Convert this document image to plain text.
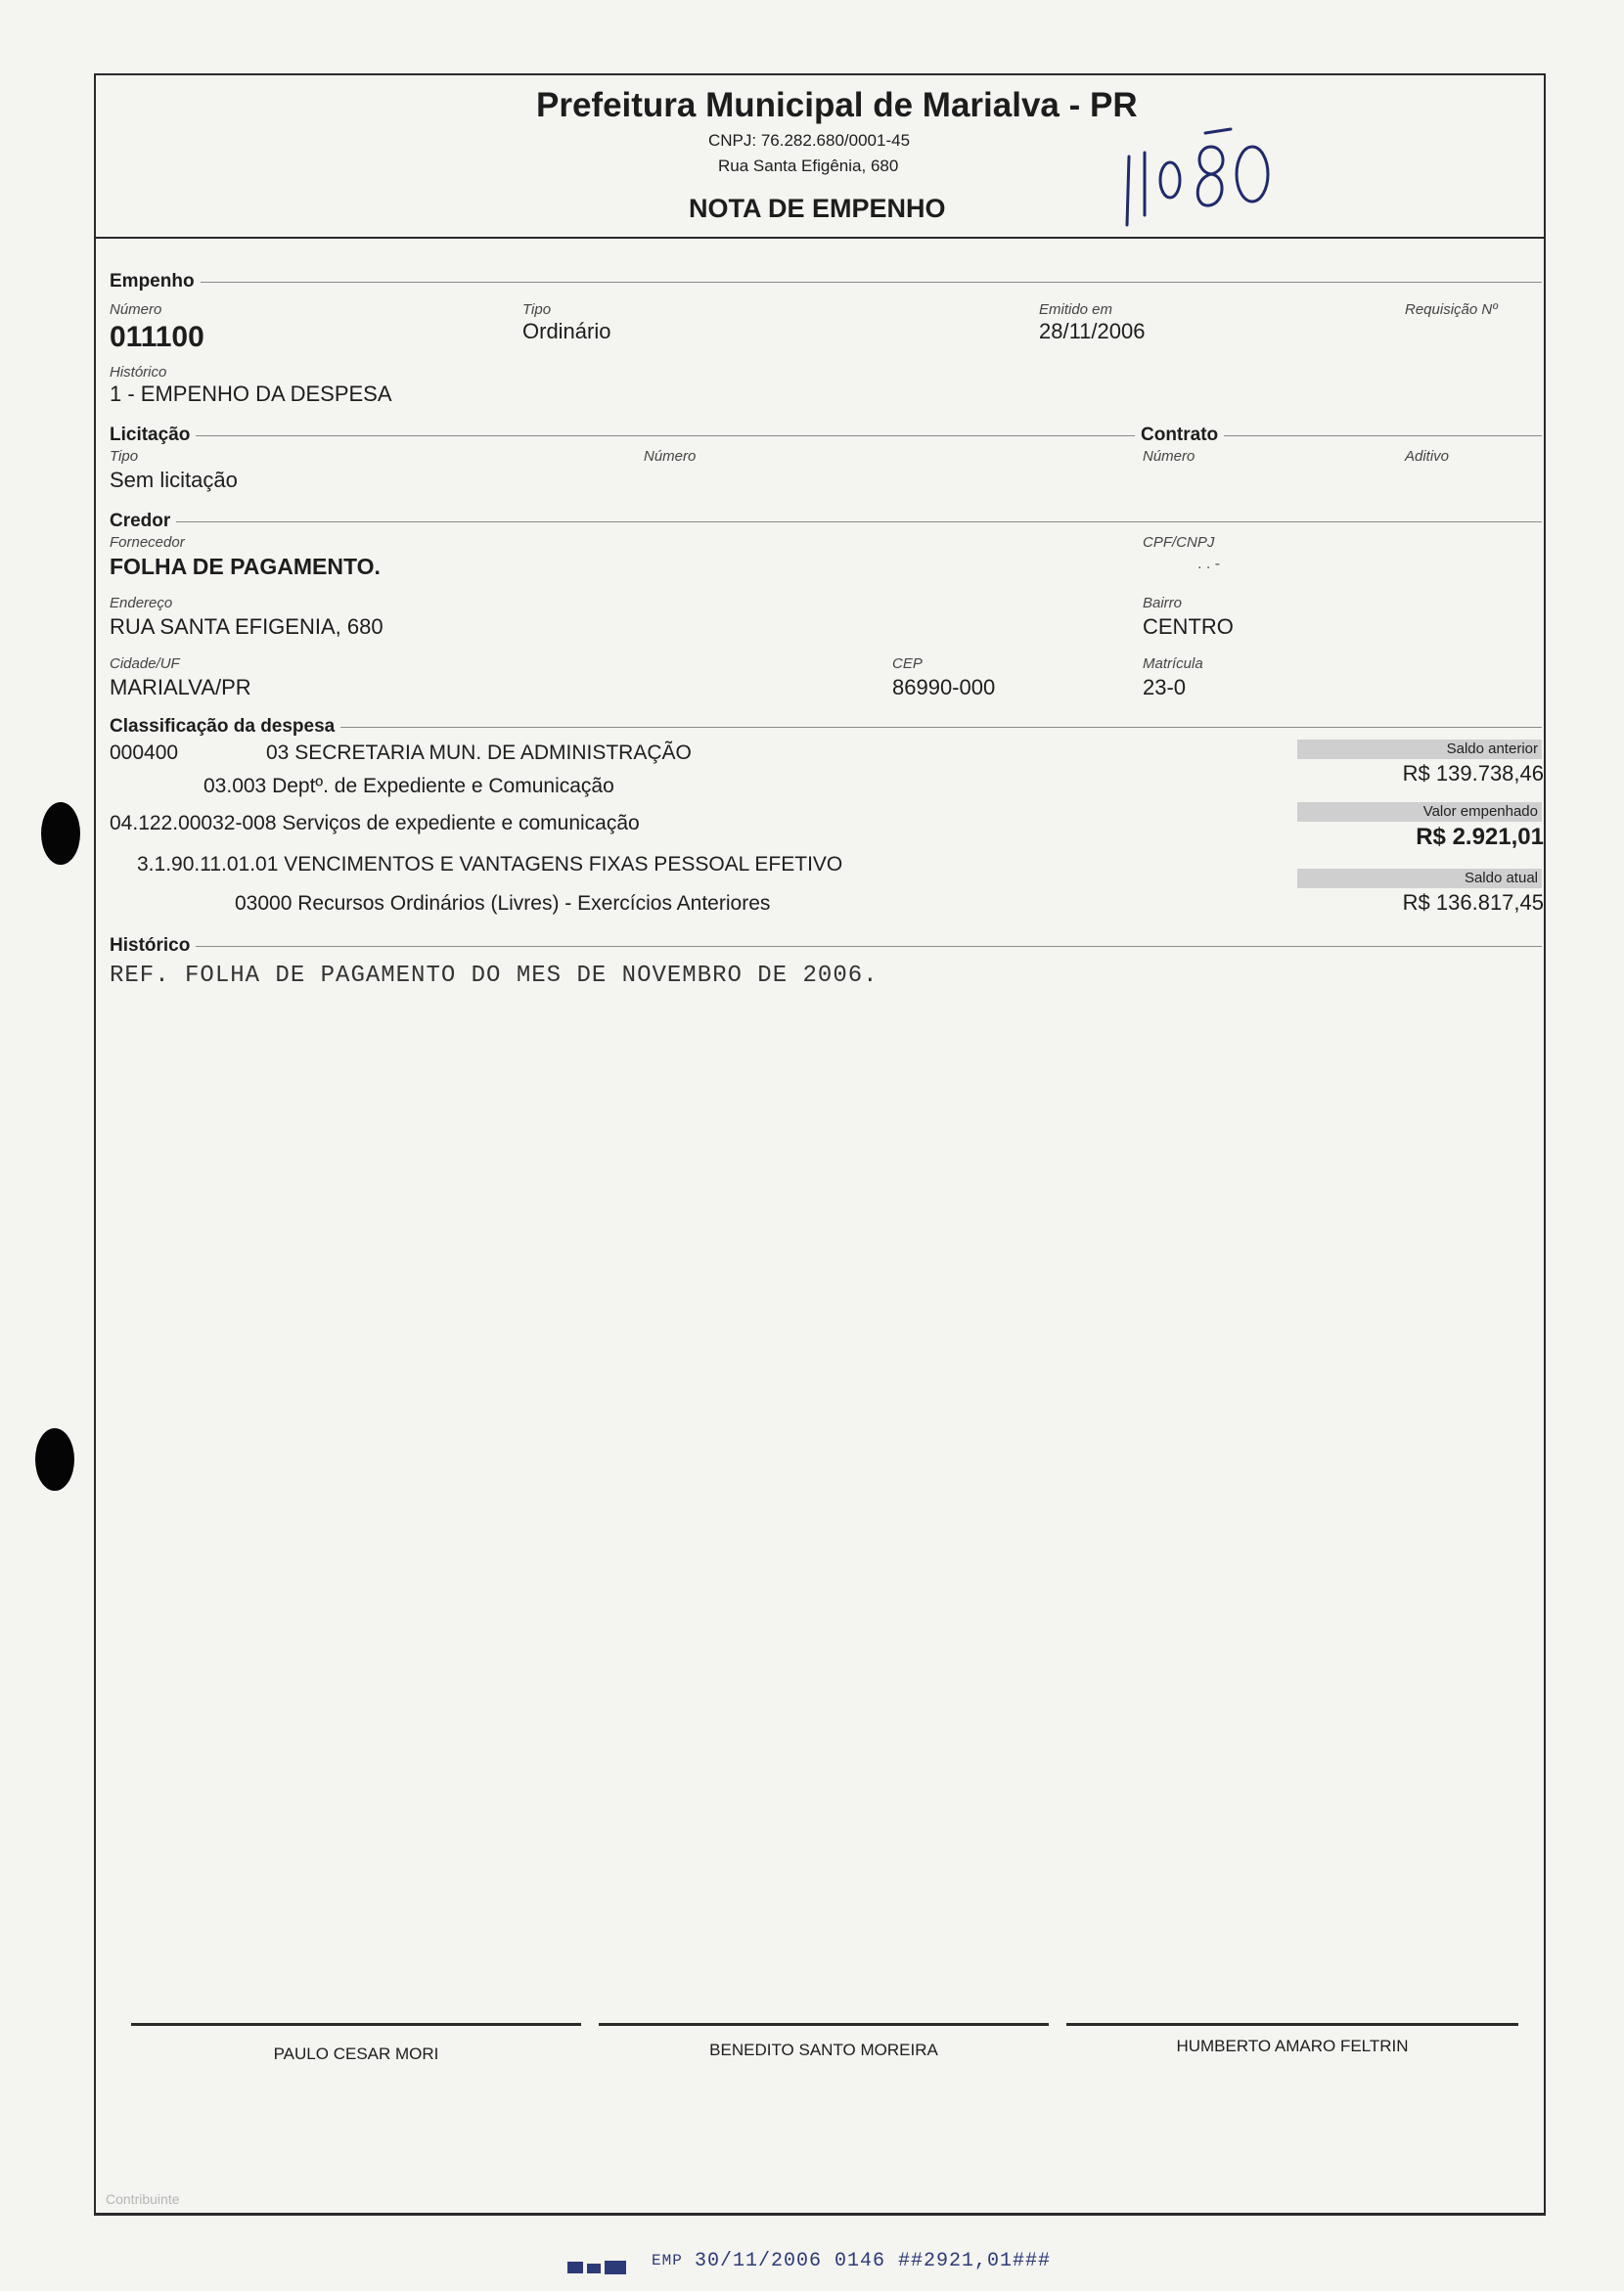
Prefeitura Municipal de Marialva - PR
CNPJ: 76.282.680/0001-45
Rua Santa Efigênia, 680
NOTA DE EMPENHO
Empenho
Número
011100
Tipo
Ordinário
Emitido em
28/11/2006
Requisição Nº
Histórico
1 - EMPENHO DA DESPESA
Licitação	Contrato
Tipo
Sem licitação
Número	Número	Aditivo
Credor
Fornecedor
FOLHA DE PAGAMENTO.
CPF/CNPJ
. . -
Endereço
RUA SANTA EFIGENIA, 680
Bairro
CENTRO
Cidade/UF
MARIALVA/PR
CEP
86990-000
Matrícula
23-0
Classificação da despesa
000400	03 SECRETARIA MUN. DE ADMINISTRAÇÃO
03.003 Deptº. de Expediente e Comunicação
04.122.00032-008 Serviços de expediente e comunicação
3.1.90.11.01.01 VENCIMENTOS E VANTAGENS FIXAS PESSOAL EFETIVO
03000 Recursos Ordinários (Livres) - Exercícios Anteriores
Saldo anterior
R$ 139.738,46
Valor empenhado
R$ 2.921,01
Saldo atual
R$ 136.817,45
Histórico
REF. FOLHA DE PAGAMENTO DO MES DE NOVEMBRO DE 2006.
PAULO CESAR MORI	BENEDITO SANTO MOREIRA	HUMBERTO AMARO FELTRIN
Contribuinte
EMP 30/11/2006 0146 ##2921,01###
